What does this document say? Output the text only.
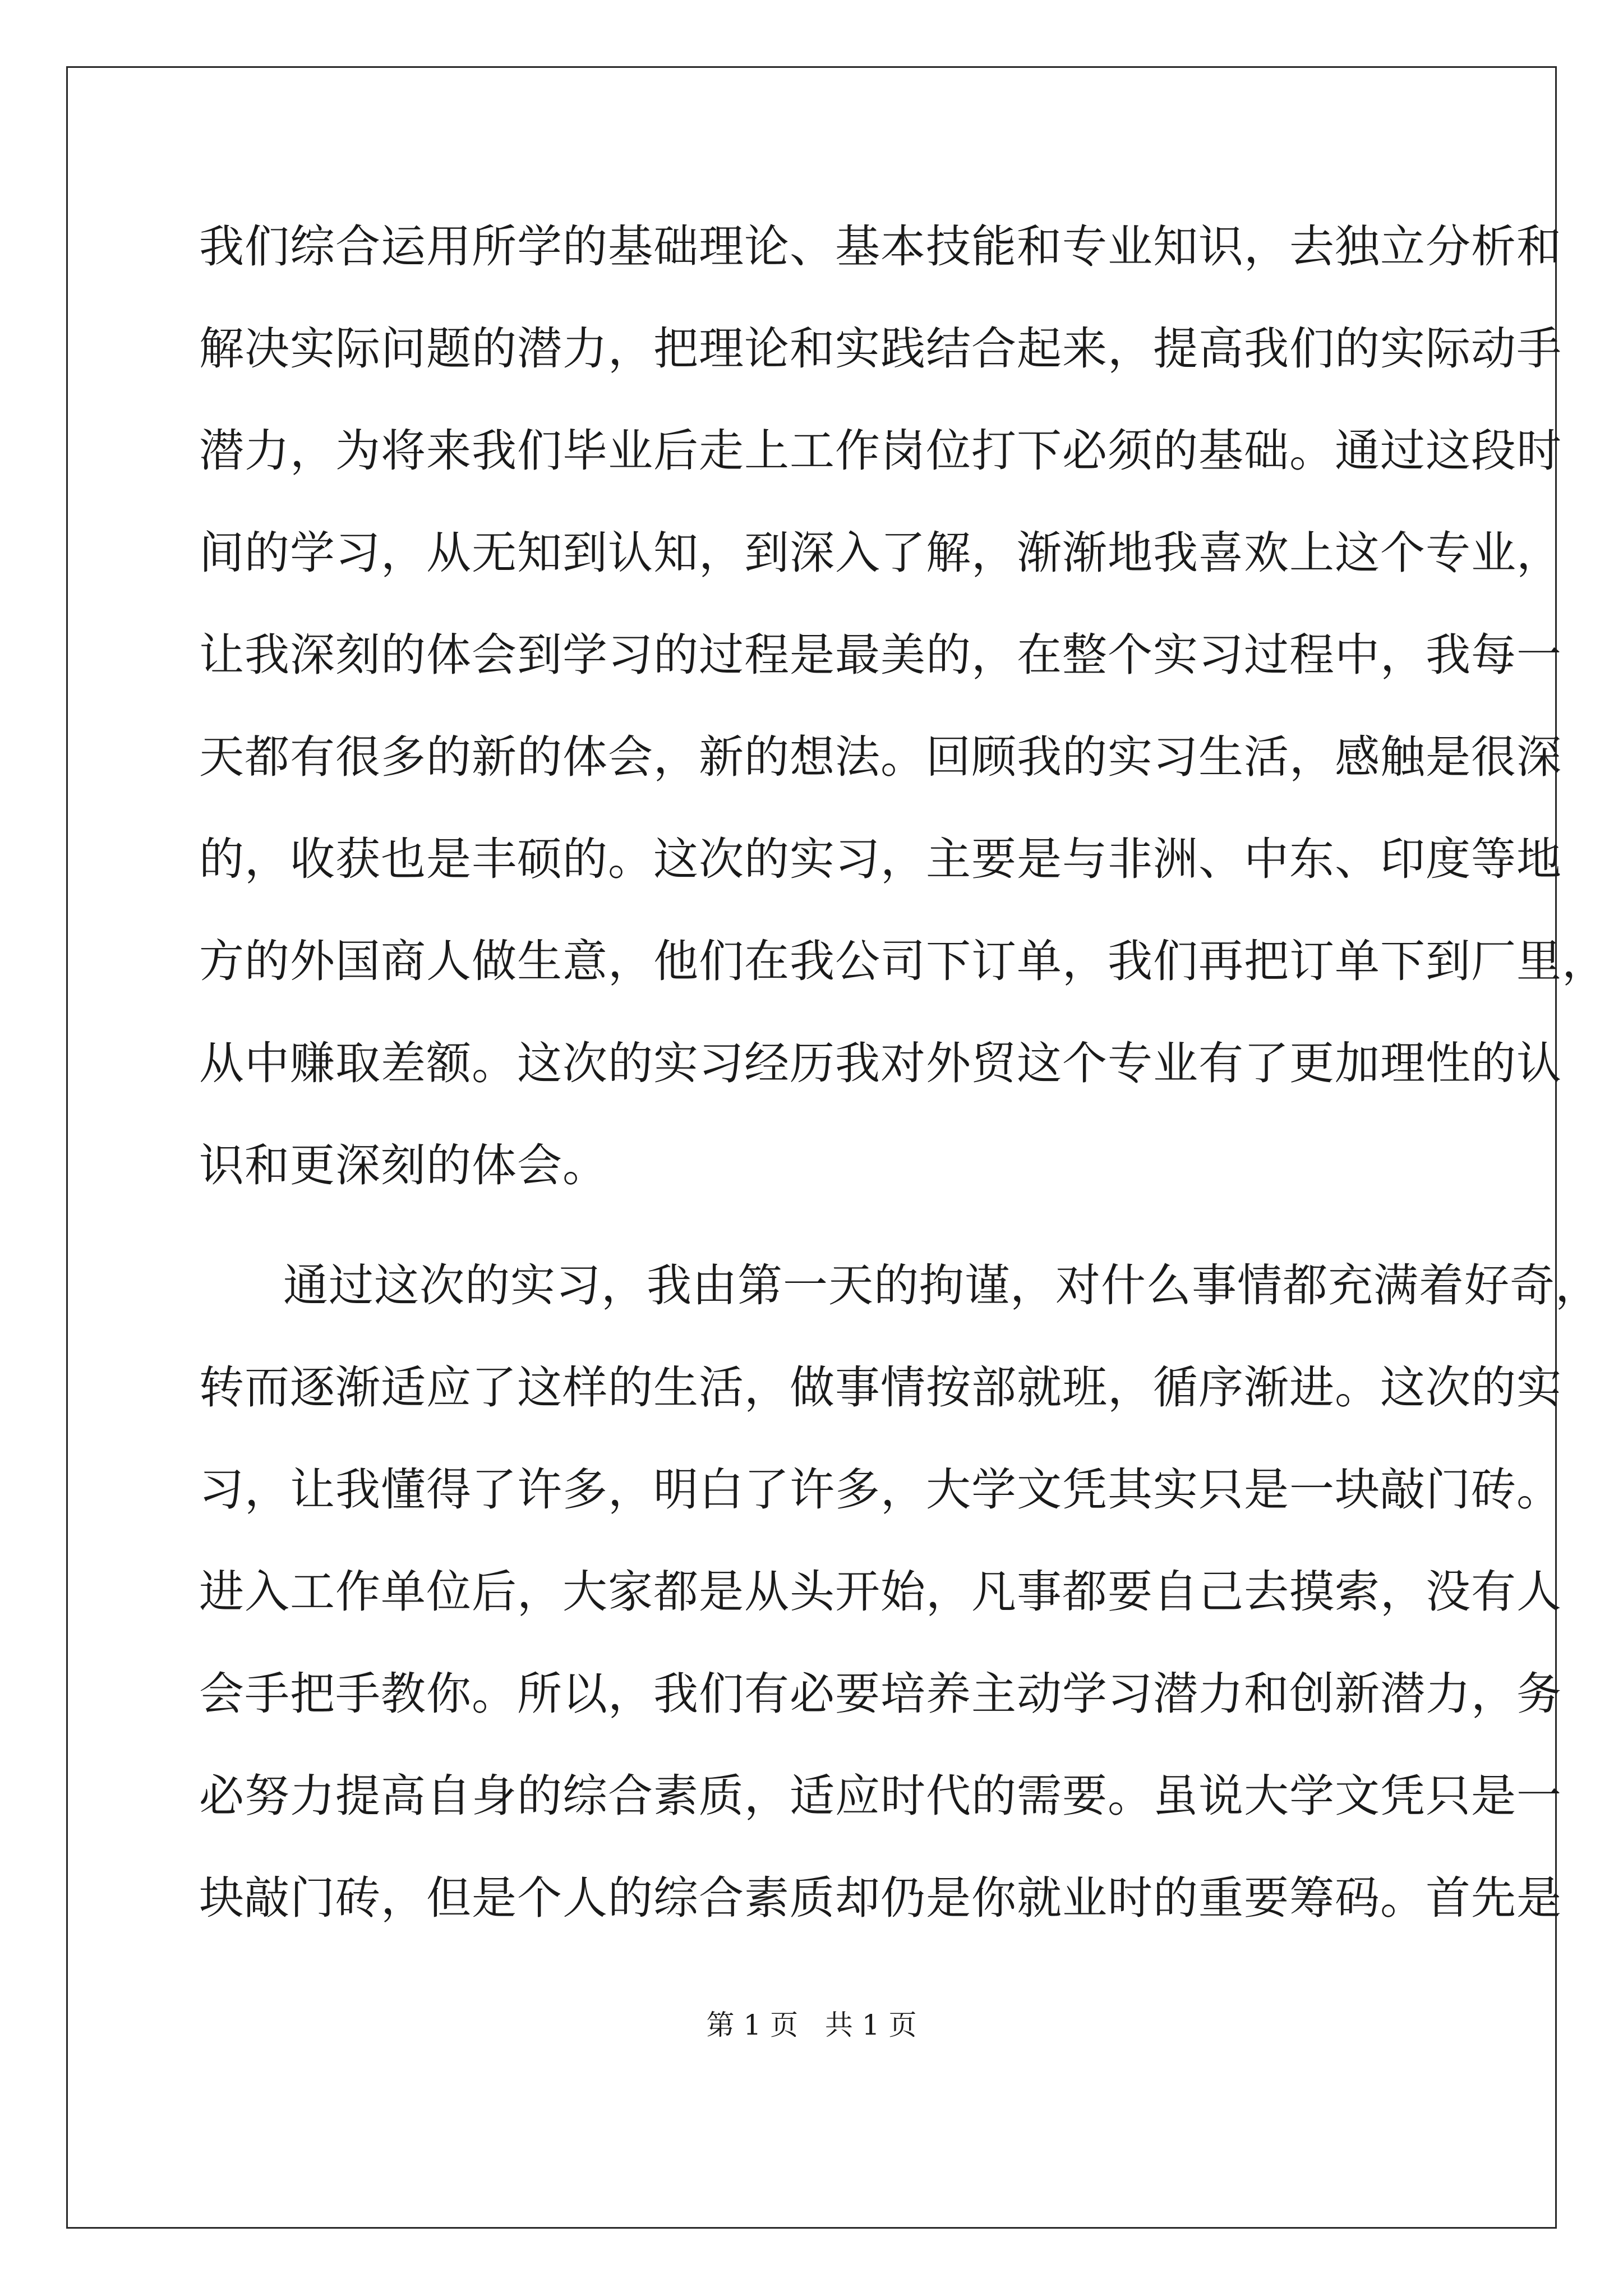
我们综合运用所学的基础理论、基本技能和专业知识，去独立分析和
解决实际问题的潜力，把理论和实践结合起来，提高我们的实际动手
潜力，为将来我们毕业后走上工作岗位打下必须的基础。通过这段时
间的学习，从无知到认知，到深入了解，渐渐地我喜欢上这个专业，
让我深刻的体会到学习的过程是最美的，在整个实习过程中，我每一
天都有很多的新的体会，新的想法。回顾我的实习生活，感触是很深
的，收获也是丰硕的。这次的实习，主要是与非洲、中东、印度等地
方的外国商人做生意，他们在我公司下订单，我们再把订单下到厂里，
从中赚取差额。这次的实习经历我对外贸这个专业有了更加理性的认
识和更深刻的体会。
通过这次的实习，我由第一天的拘谨，对什么事情都充满着好奇，
转而逐渐适应了这样的生活，做事情按部就班，循序渐进。这次的实
习，让我懂得了许多，明白了许多，大学文凭其实只是一块敲门砖。
进入工作单位后，大家都是从头开始，凡事都要自己去摸索，没有人
会手把手教你。所以，我们有必要培养主动学习潜力和创新潜力，务
必努力提高自身的综合素质，适应时代的需要。虽说大学文凭只是一
块敲门砖，但是个人的综合素质却仍是你就业时的重要筹码。首先是
第 1 页 共 1 页
